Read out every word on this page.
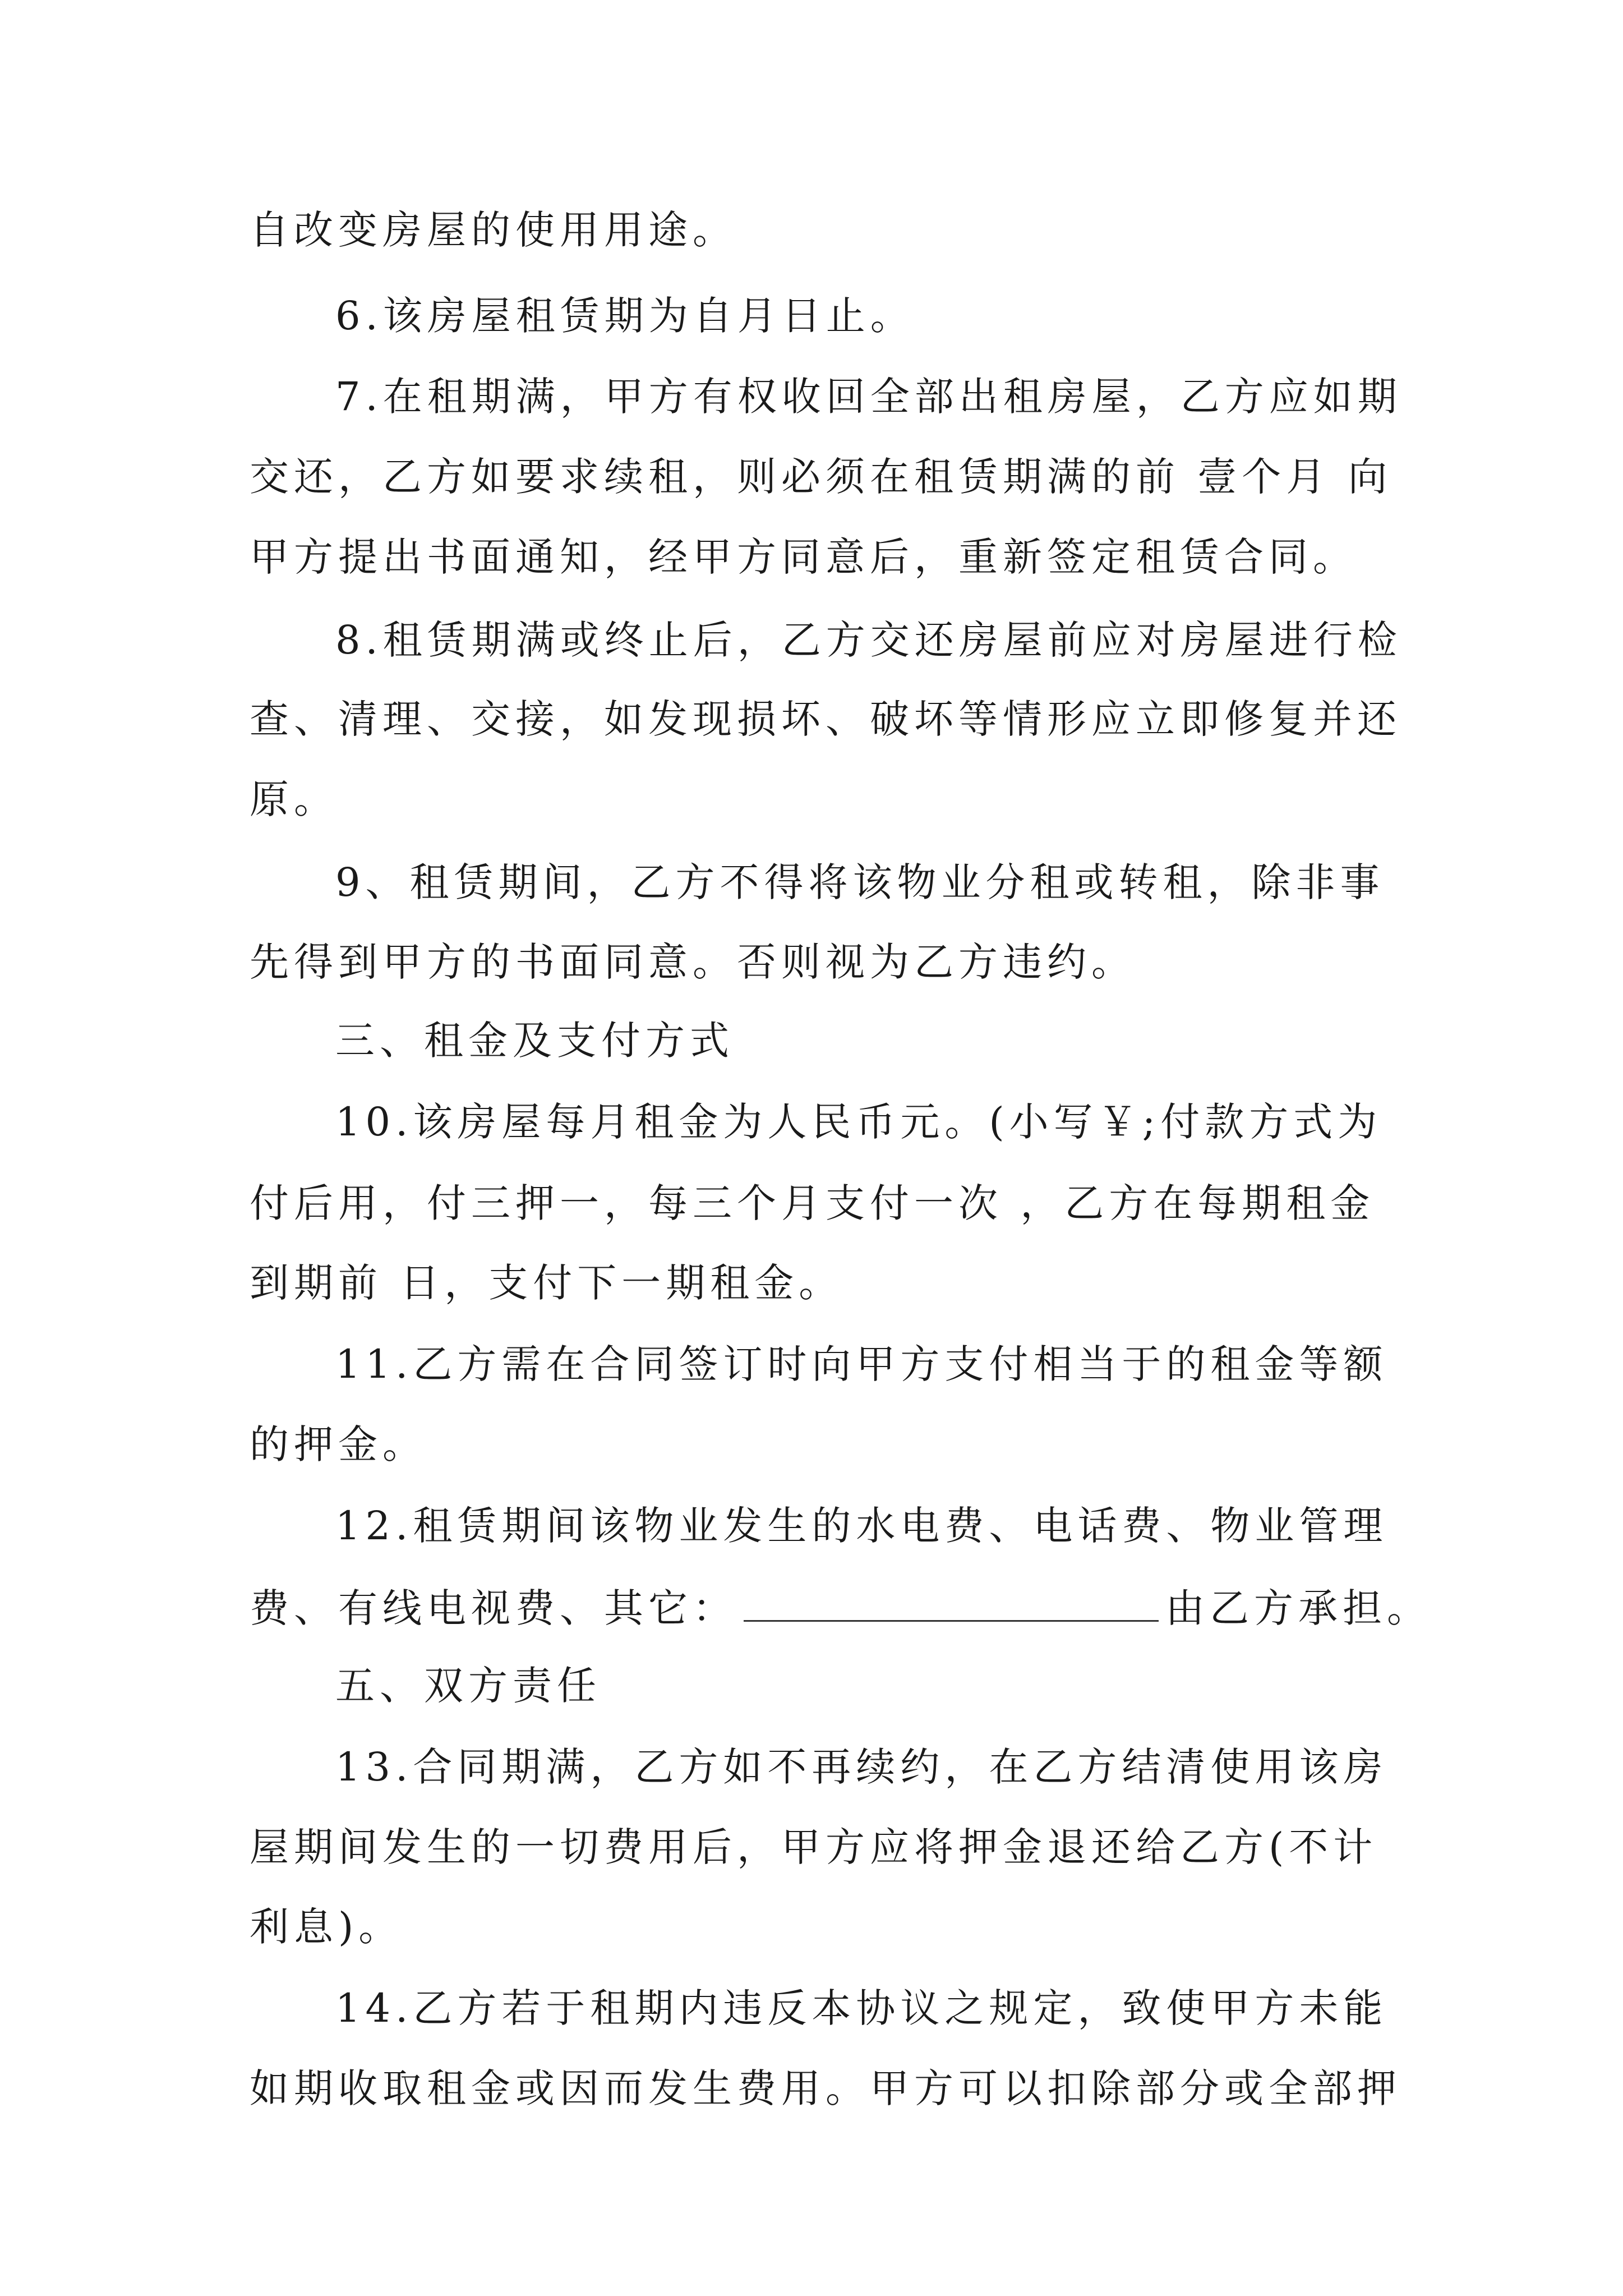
自改变房屋的使用用途。
6.该房屋租赁期为自月日止。
7.在租期满，甲方有权收回全部出租房屋，乙方应如期
交还，乙方如要求续租，则必须在租赁期满的前 壹个月 向
甲方提出书面通知，经甲方同意后，重新签定租赁合同。
8.租赁期满或终止后，乙方交还房屋前应对房屋进行检
查、清理、交接，如发现损坏、破坏等情形应立即修复并还
原。
9、租赁期间，乙方不得将该物业分租或转租，除非事
先得到甲方的书面同意。否则视为乙方违约。
三、租金及支付方式
10.该房屋每月租金为人民币元。(小写￥;付款方式为
付后用，付三押一，每三个月支付一次 ，乙方在每期租金
到期前 日，支付下一期租金。
11.乙方需在合同签订时向甲方支付相当于的租金等额
的押金。
12.租赁期间该物业发生的水电费、电话费、物业管理
费、有线电视费、其它：	由乙方承担。
五、双方责任
13.合同期满，乙方如不再续约，在乙方结清使用该房
屋期间发生的一切费用后，甲方应将押金退还给乙方(不计
利息)。
14.乙方若于租期内违反本协议之规定，致使甲方未能
如期收取租金或因而发生费用。甲方可以扣除部分或全部押
